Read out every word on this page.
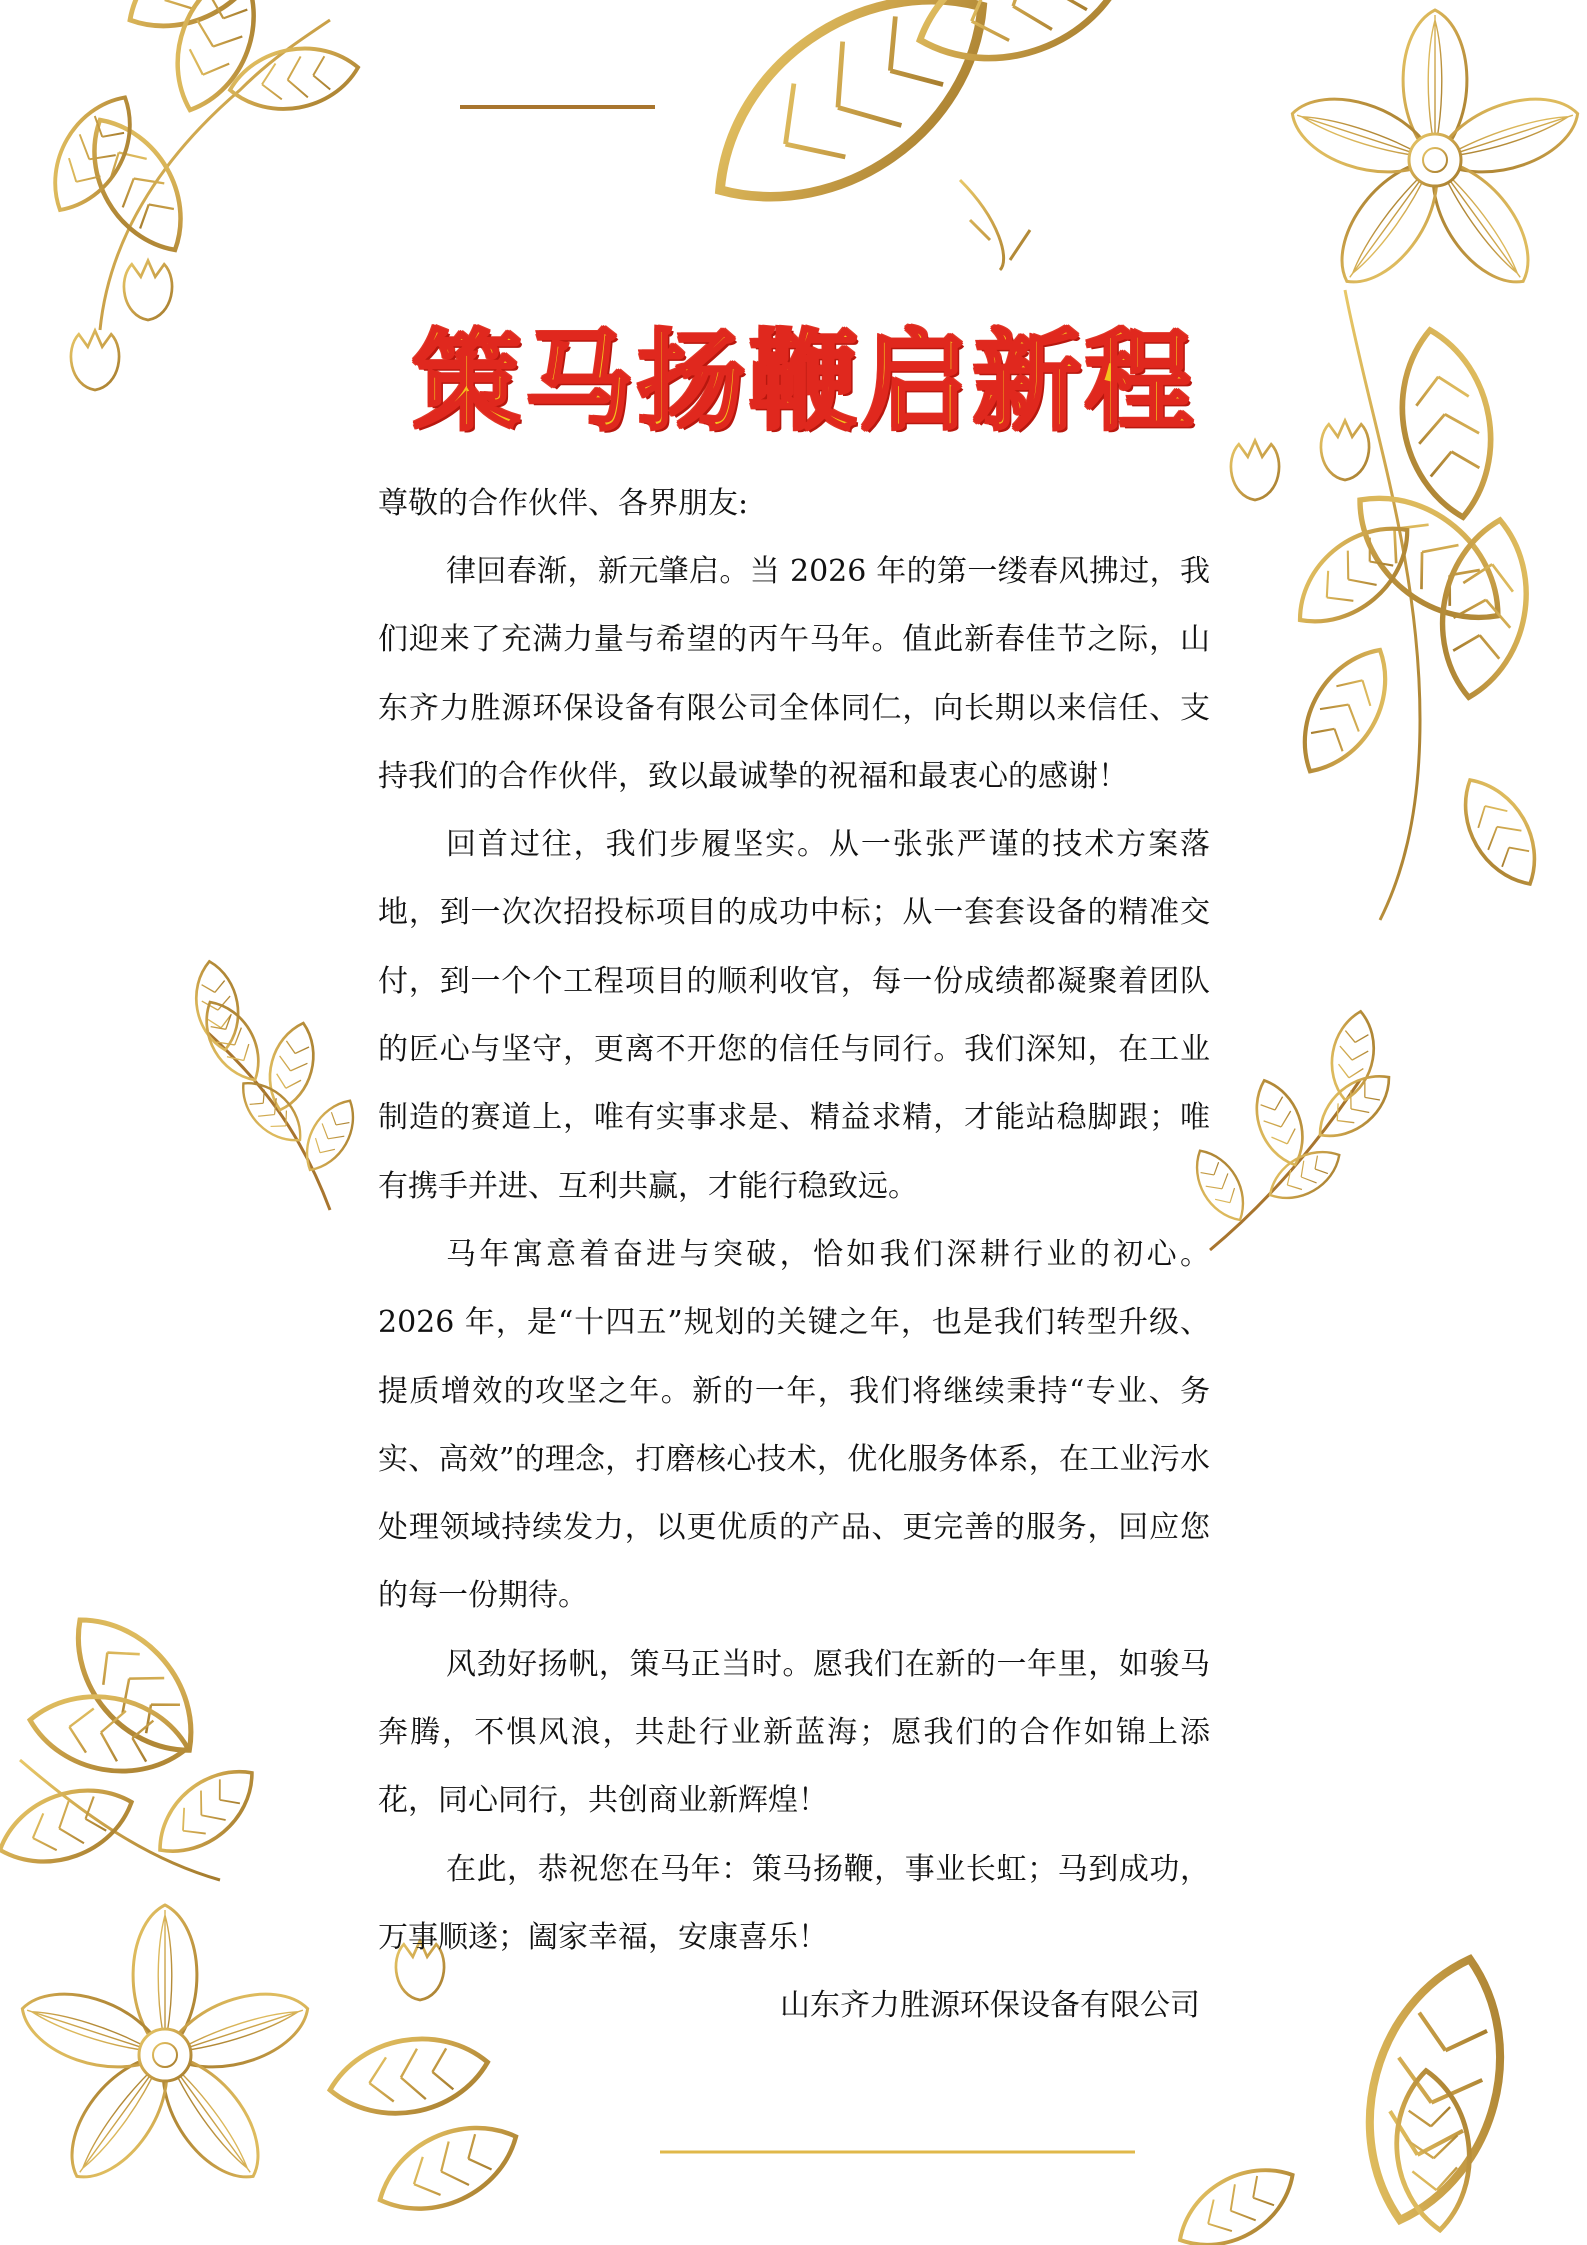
策马扬鞭启新程

尊敬的合作伙伴、各界朋友:

律回春渐，新元肇启。当 2026 年的第一缕春风拂过，我们迎来了充满力量与希望的丙午马年。值此新春佳节之际，山东齐力胜源环保设备有限公司全体同仁，向长期以来信任、支持我们的合作伙伴，致以最诚挚的祝福和最衷心的感谢！

回首过往，我们步履坚实。从一张张严谨的技术方案落地，到一次次招投标项目的成功中标；从一套套设备的精准交付，到一个个工程项目的顺利收官，每一份成绩都凝聚着团队的匠心与坚守，更离不开您的信任与同行。我们深知，在工业制造的赛道上，唯有实事求是、精益求精，才能站稳脚跟；唯有携手并进、互利共赢，才能行稳致远。

马年寓意着奋进与突破，恰如我们深耕行业的初心。2026 年，是“十四五”规划的关键之年，也是我们转型升级、提质增效的攻坚之年。新的一年，我们将继续秉持“专业、务实、高效”的理念，打磨核心技术，优化服务体系，在工业污水处理领域持续发力，以更优质的产品、更完善的服务，回应您的每一份期待。

风劲好扬帆，策马正当时。愿我们在新的一年里，如骏马奔腾，不惧风浪，共赴行业新蓝海；愿我们的合作如锦上添花，同心同行，共创商业新辉煌！

在此，恭祝您在马年：策马扬鞭，事业长虹；马到成功，万事顺遂；阖家幸福，安康喜乐！

山东齐力胜源环保设备有限公司
